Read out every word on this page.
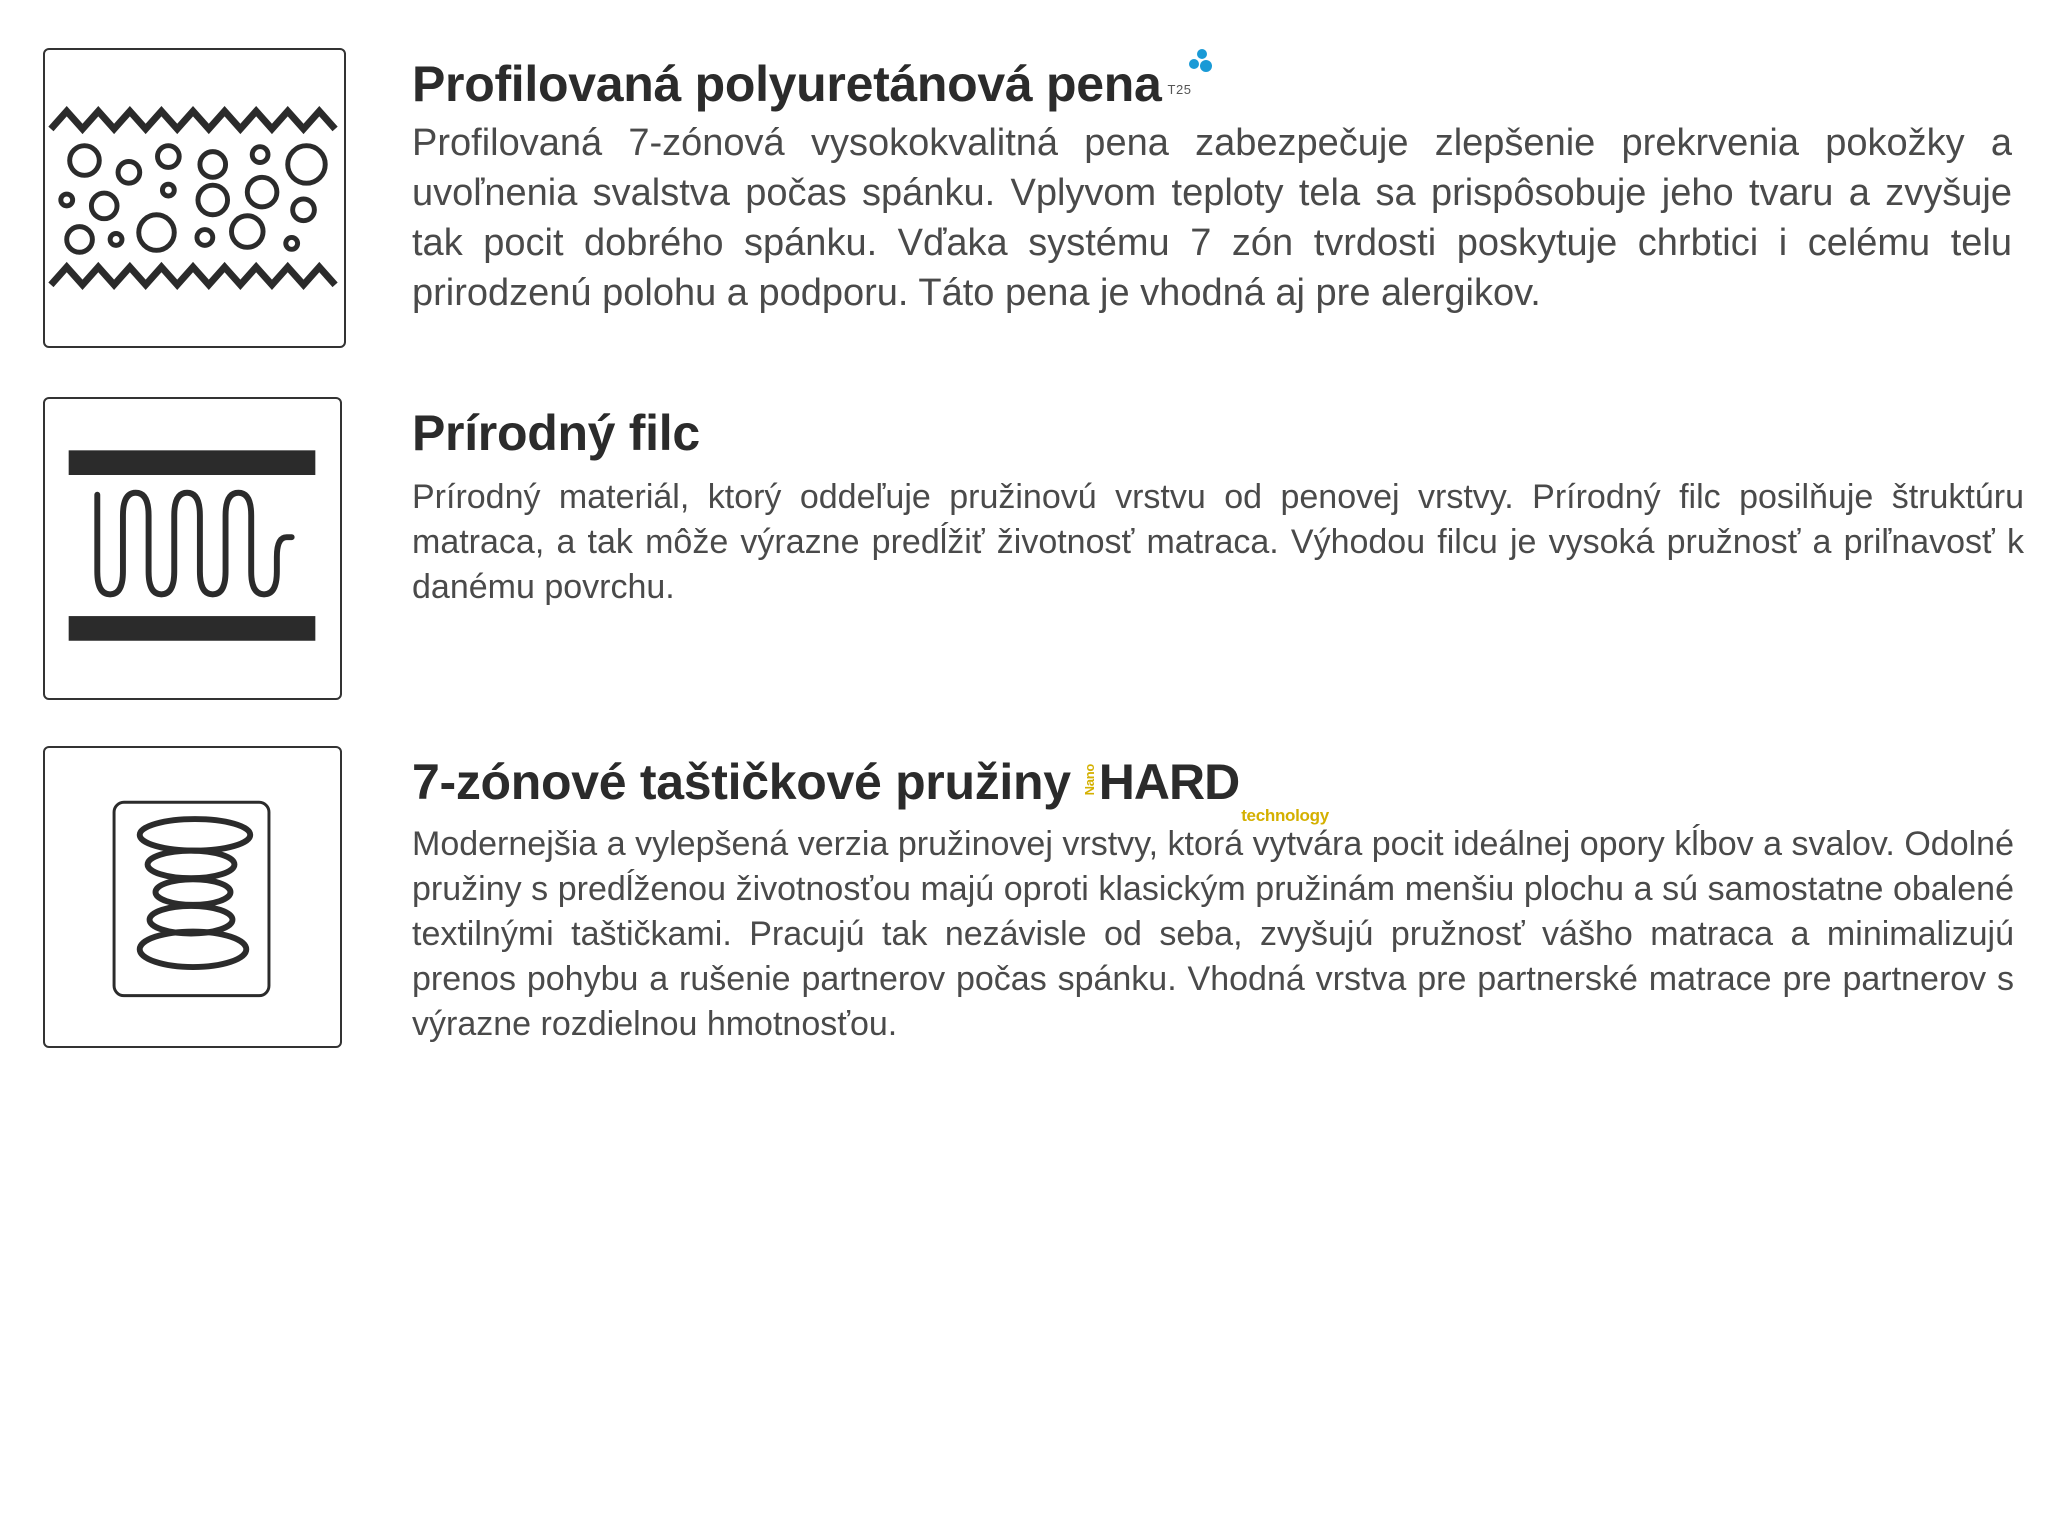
Profilovaná polyuretánová pena T25

Profilovaná 7-zónová vysokokvalitná pena zabezpečuje zlepšenie prekrvenia pokožky a uvoľnenia svalstva počas spánku. Vplyvom teploty tela sa prispôsobuje jeho tvaru a zvyšuje tak pocit dobrého spánku. Vďaka systému 7 zón tvrdosti poskytuje chrbtici i celému telu prirodzenú polohu a podporu. Táto pena je vhodná aj pre alergikov.

Prírodný filc

Prírodný materiál, ktorý oddeľuje pružinovú vrstvu od penovej vrstvy. Prírodný filc posilňuje štruktúru matraca, a tak môže výrazne predĺžiť životnosť matraca. Výhodou filcu je vysoká pružnosť a priľnavosť k danému povrchu.

7-zónové taštičkové pružiny NanoHARDtechnology

Modernejšia a vylepšená verzia pružinovej vrstvy, ktorá vytvára pocit ideálnej opory kĺbov a svalov. Odolné pružiny s predĺženou životnosťou majú oproti klasickým pružinám menšiu plochu a sú samostatne obalené textilnými taštičkami. Pracujú tak nezávisle od seba, zvyšujú pružnosť vášho matraca a minimalizujú prenos pohybu a rušenie partnerov počas spánku. Vhodná vrstva pre partnerské matrace pre partnerov s výrazne rozdielnou hmotnosťou.
